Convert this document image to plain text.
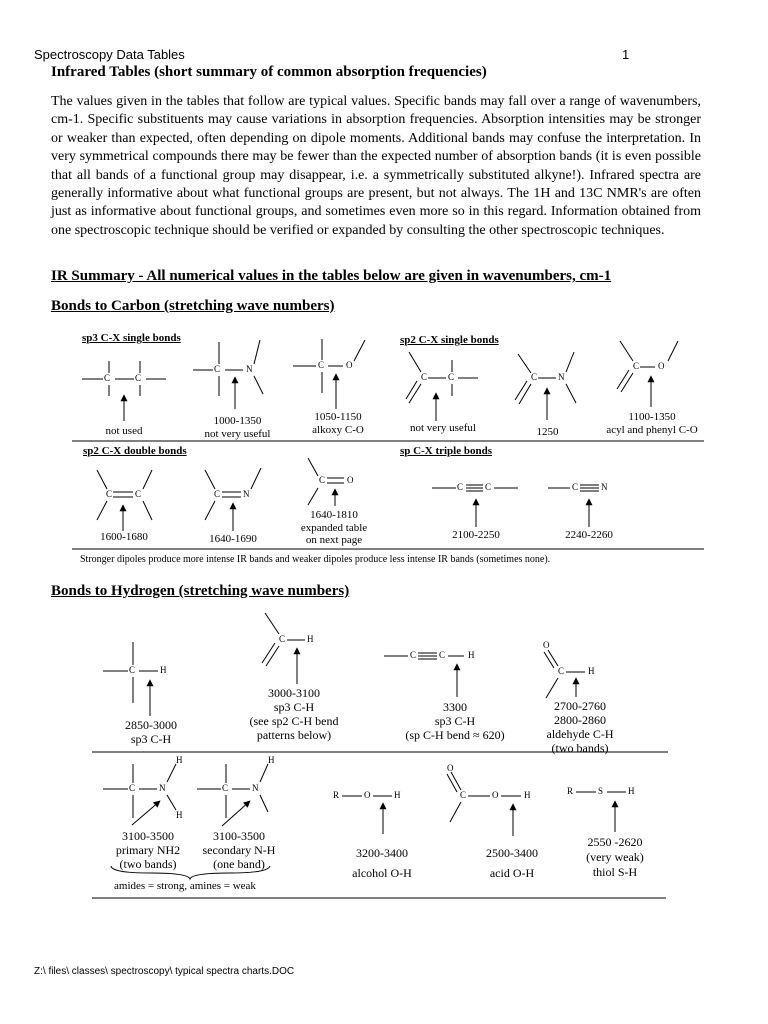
Spectroscopy Data Tables	1
Infrared Tables (short summary of common absorption frequencies)
The values given in the tables that follow are typical values. Specific bands may fall over a range of wavenumbers, cm-1. Specific substituents may cause variations in absorption frequencies. Absorption intensities may be stronger or weaker than expected, often depending on dipole moments. Additional bands may confuse the interpretation. In very symmetrical compounds there may be fewer than the expected number of absorption bands (it is even possible that all bands of a functional group may disappear, i.e. a symmetrically substituted alkyne!). Infrared spectra are generally informative about what functional groups are present, but not always. The 1H and 13C NMR's are often just as informative about functional groups, and sometimes even more so in this regard. Information obtained from one spectroscopic technique should be verified or expanded by consulting the other spectroscopic techniques.
IR Summary - All numerical values in the tables below are given in wavenumbers, cm-1
Bonds to Carbon (stretching wave numbers)
sp3 C-X single bonds	sp2 C-X single bonds
sp2 C-X double bonds	sp C-X triple bonds
C	C
C	N	C O
C C	C N
C O
C	C	C	N
C O
C C	C	N
C	H
C H
C	C	H
O
C	H
C	N
H
H
C	N
H
R	O	H
O
C	O	H	R	S	H
not used
1000-1350
not very useful
1050-1150
alkoxy C-O	not very useful	1250
1100-1350
acyl and phenyl C-O
1600-1680	1640-1690
1640-1810
expanded table
on next page	2100-2250	2240-2260
Stronger dipoles produce more intense IR bands and weaker dipoles produce less intense IR bands (sometimes none).
Bonds to Hydrogen (stretching wave numbers)
2850-3000
sp3 C-H
3000-3100
sp3 C-H
(see sp2 C-H bend
patterns below)
3300
sp3 C-H
(sp C-H bend ≈ 620)
2700-2760
2800-2860
aldehyde C-H
(two bands)
3100-3500
primary NH2
(two bands)
3100-3500
secondary N-H
(one band)
3200-3400
alcohol O-H
2500-3400
acid O-H
2550 -2620
(very weak)
thiol S-H
amides = strong, amines = weak
Z:\ files\ classes\ spectroscopy\ typical spectra charts.DOC
